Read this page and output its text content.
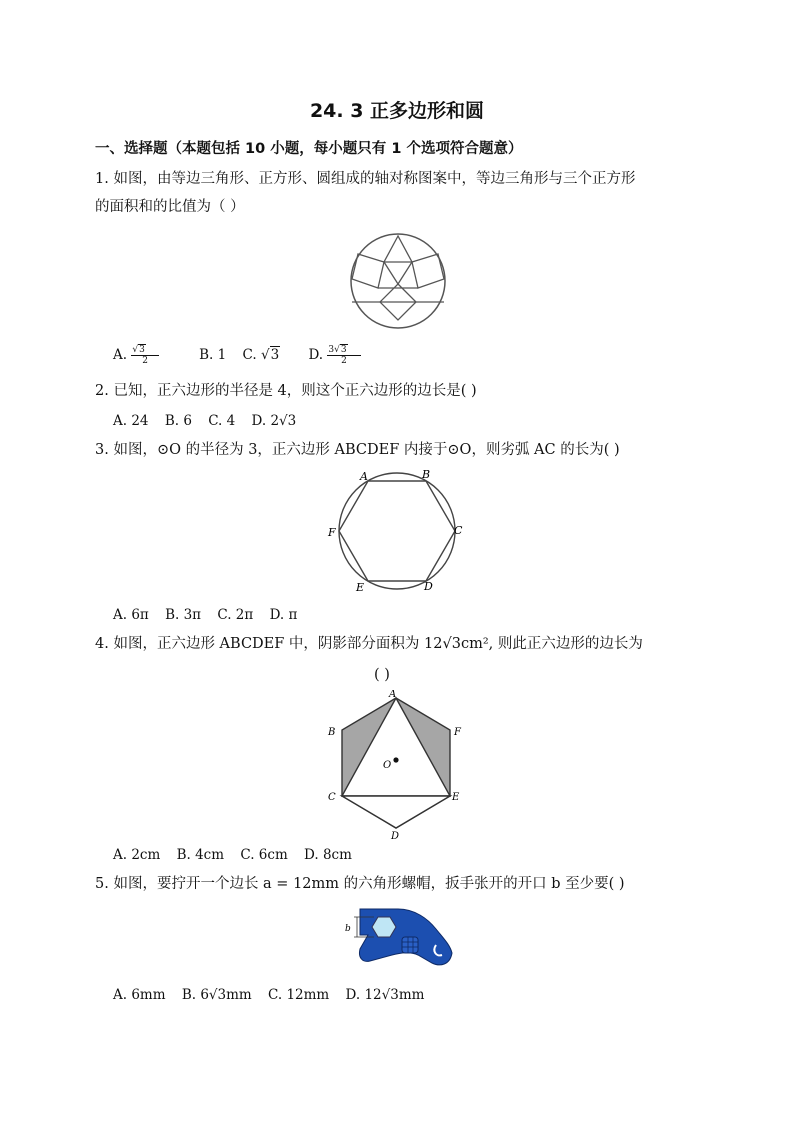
24. 3 正多边形和圆
一、选择题（本题包括 10 小题，每小题只有 1 个选项符合题意）
1. 如图，由等边三角形、正方形、圆组成的轴对称图案中，等边三角形与三个正方形
的面积和的比值为（ ）
A. $\frac{√3}{2} B$. 1 C. √3 D. $\frac{3√3}{2}$
2. 已知，正六边形的半径是 4，则这个正六边形的边长是( )
A. 24 B. 6 C. 4 D. 2√3
3. 如图，⊙O 的半径为 3，正六边形 ABCDEF 内接于⊙O，则劣弧 AC 的长为( )
A	B
C
D
E
F
A. 6π B. 3π C. 2π D. π
4. 如图，正六边形 ABCDEF 中，阴影部分面积为 12√3cm², 则此正六边形的边长为
( )
A
B
C
D
E
F
O
A. 2cm B. 4cm C. 6cm D. 8cm
5. 如图，要拧开一个边长 a = 12mm 的六角形螺帽，扳手张开的开口 b 至少要( )
b
A. 6mm B. 6√3mm C. 12mm D. 12√3mm
